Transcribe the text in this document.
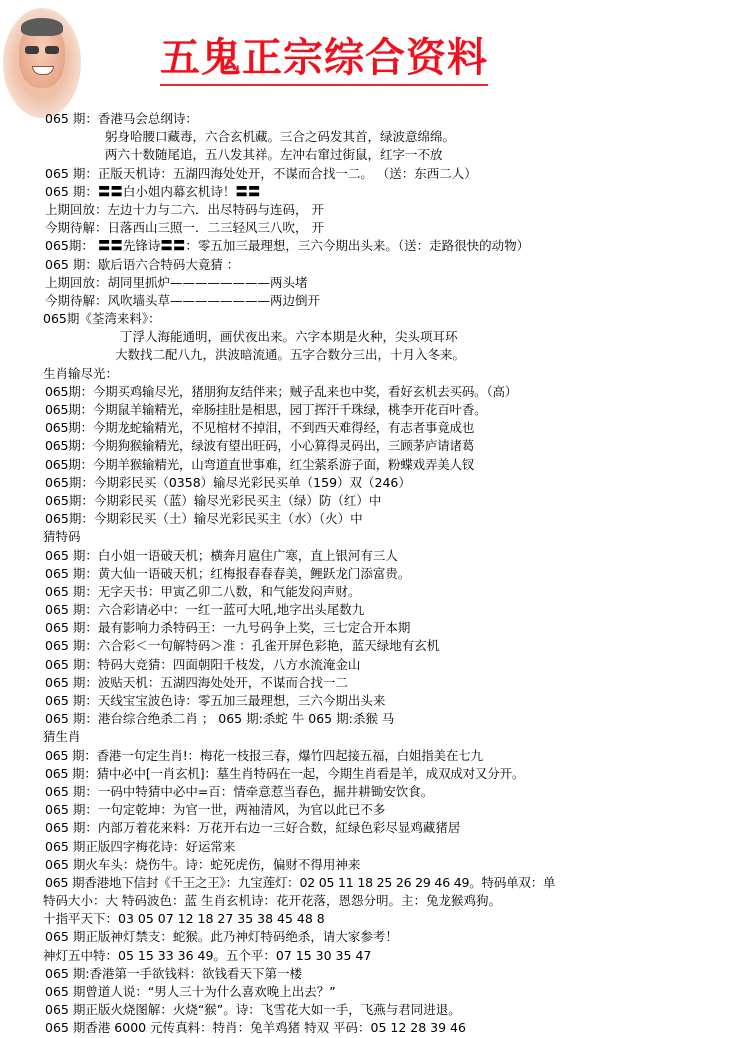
五鬼正宗综合资料
065 期：香港马会总纲诗：
躬身哈腰口藏毒，六合玄机藏。三合之码发其首，绿波意绵绵。
两六十数随尾追，五八发其祥。左冲右窜过街鼠，红字一不放
065 期：正版天机诗：五湖四海处处开，不谋而合找一二。 （送：东西二人）
065 期：〓〓白小姐内幕玄机诗！〓〓
上期回放：左边十力与二六．出尽特码与连码， 开
今期待解：日落西山三照一．二三轻风三八吹， 开
065期： 〓〓先锋诗〓〓：零五加三最理想，三六今期出头来。（送：走路很快的动物）
065 期：歇后语六合特码大竟猜 ：
上期回放：胡同里抓炉————————两头堵
今期待解：风吹墙头草————————两边倒开
065期《荃湾来料》：
丁浮人海能通明，画伏夜出来。六字本期是火种，尖头项耳环
大数找二配八九，洪波暗流通。五字合数分三出，十月入冬来。
生肖输尽光：
065期：今期买鸡输尽光，猪朋狗友结伴来；贼子乱来也中奖，看好玄机去买码。（高）
065期：今期鼠羊输精光，牵肠挂肚是相思，园丁挥汗千珠绿，桃李开花百叶香。
065期：今期龙蛇输精光，不见棺材不掉泪，不到西天难得经，有志者事竟成也
065期：今期狗猴输精光，绿波有望出旺码，小心算得灵码出，三顾茅庐请诸葛
065期：今期羊猴输精光，山弯道直世事难，红尘萦系游子面，粉蝶戏弄美人钗
065期：今期彩民买（0358）输尽光彩民买单（159）双（246）
065期：今期彩民买（蓝）输尽光彩民买主（绿）防（红）中
065期：今期彩民买（土）输尽光彩民买主（水）（火）中
猜特码
065 期：白小姐一语破天机；横奔月扈住广寒，直上银河有三人
065 期：黄大仙一语破天机；红梅报春春春美，鲤跃龙门添富贵。
065 期：无字天书：甲寅乙卯二八数，和气能发闷声财。
065 期：六合彩请必中：一红一蓝可大吼,地字出头尾数九
065 期：最有影响力杀特码王：一九号码争上奖，三七定合开本期
065 期：六合彩＜一句解特码＞准 ：孔雀开屏色彩艳，蓝天绿地有玄机
065 期：特码大竞猜：四面朝阳千枝发，八方水流淹金山
065 期：波贴天机：五湖四海处处开，不谋而合找一二
065 期：天线宝宝波色诗：零五加三最理想，三六今期出头来
065 期：港台综合绝杀二肖 ； 065 期:杀蛇 牛 065 期:杀猴 马
猜生肖
065 期：香港一句定生肖!：梅花一枝报三春，爆竹四起接五福，白姐指美在七九
065 期：猜中必中[一肖玄机]：墓生肖特码在一起，今期生肖看是羊，成双成对又分开。
065 期：一码中特猜中必中=百：情牵意惹当春色，掘井耕锄安饮食。
065 期：一句定乾坤：为官一世，两袖清风，为官以此已不多
065 期：内部万着花来料：万花开右边一三好合数，紅绿色彩尽显鸡藏猪居
065 期正版四字梅花诗：好运常来
065 期火车头：烧伤牛。诗：蛇死虎伤，偏财不得用神来
065 期香港地下信封《千王之王》：九宝莲灯：02 05 11 18 25 26 29 46 49。特码单双：单
特码大小：大 特码波色：蓝 生肖玄机诗：花开花落，恩怨分明。主：兔龙猴鸡狗。
十指平天下：03 05 07 12 18 27 35 38 45 48 8
065 期正版神灯禁支：蛇猴。此乃神灯特码绝杀，请大家参考！
神灯五中特：05 15 33 36 49。五个平：07 15 30 35 47
065 期:香港第一手欲钱料：欲钱看天下第一楼
065 期曾道人说：“男人三十为什么喜欢晚上出去？”
065 期正版火烧图解：火烧“猴”。诗：飞雪花大如一手，飞燕与君同进退。
065 期香港 6000 元传真料：特肖：兔羊鸡猪 特双 平码：05 12 28 39 46
